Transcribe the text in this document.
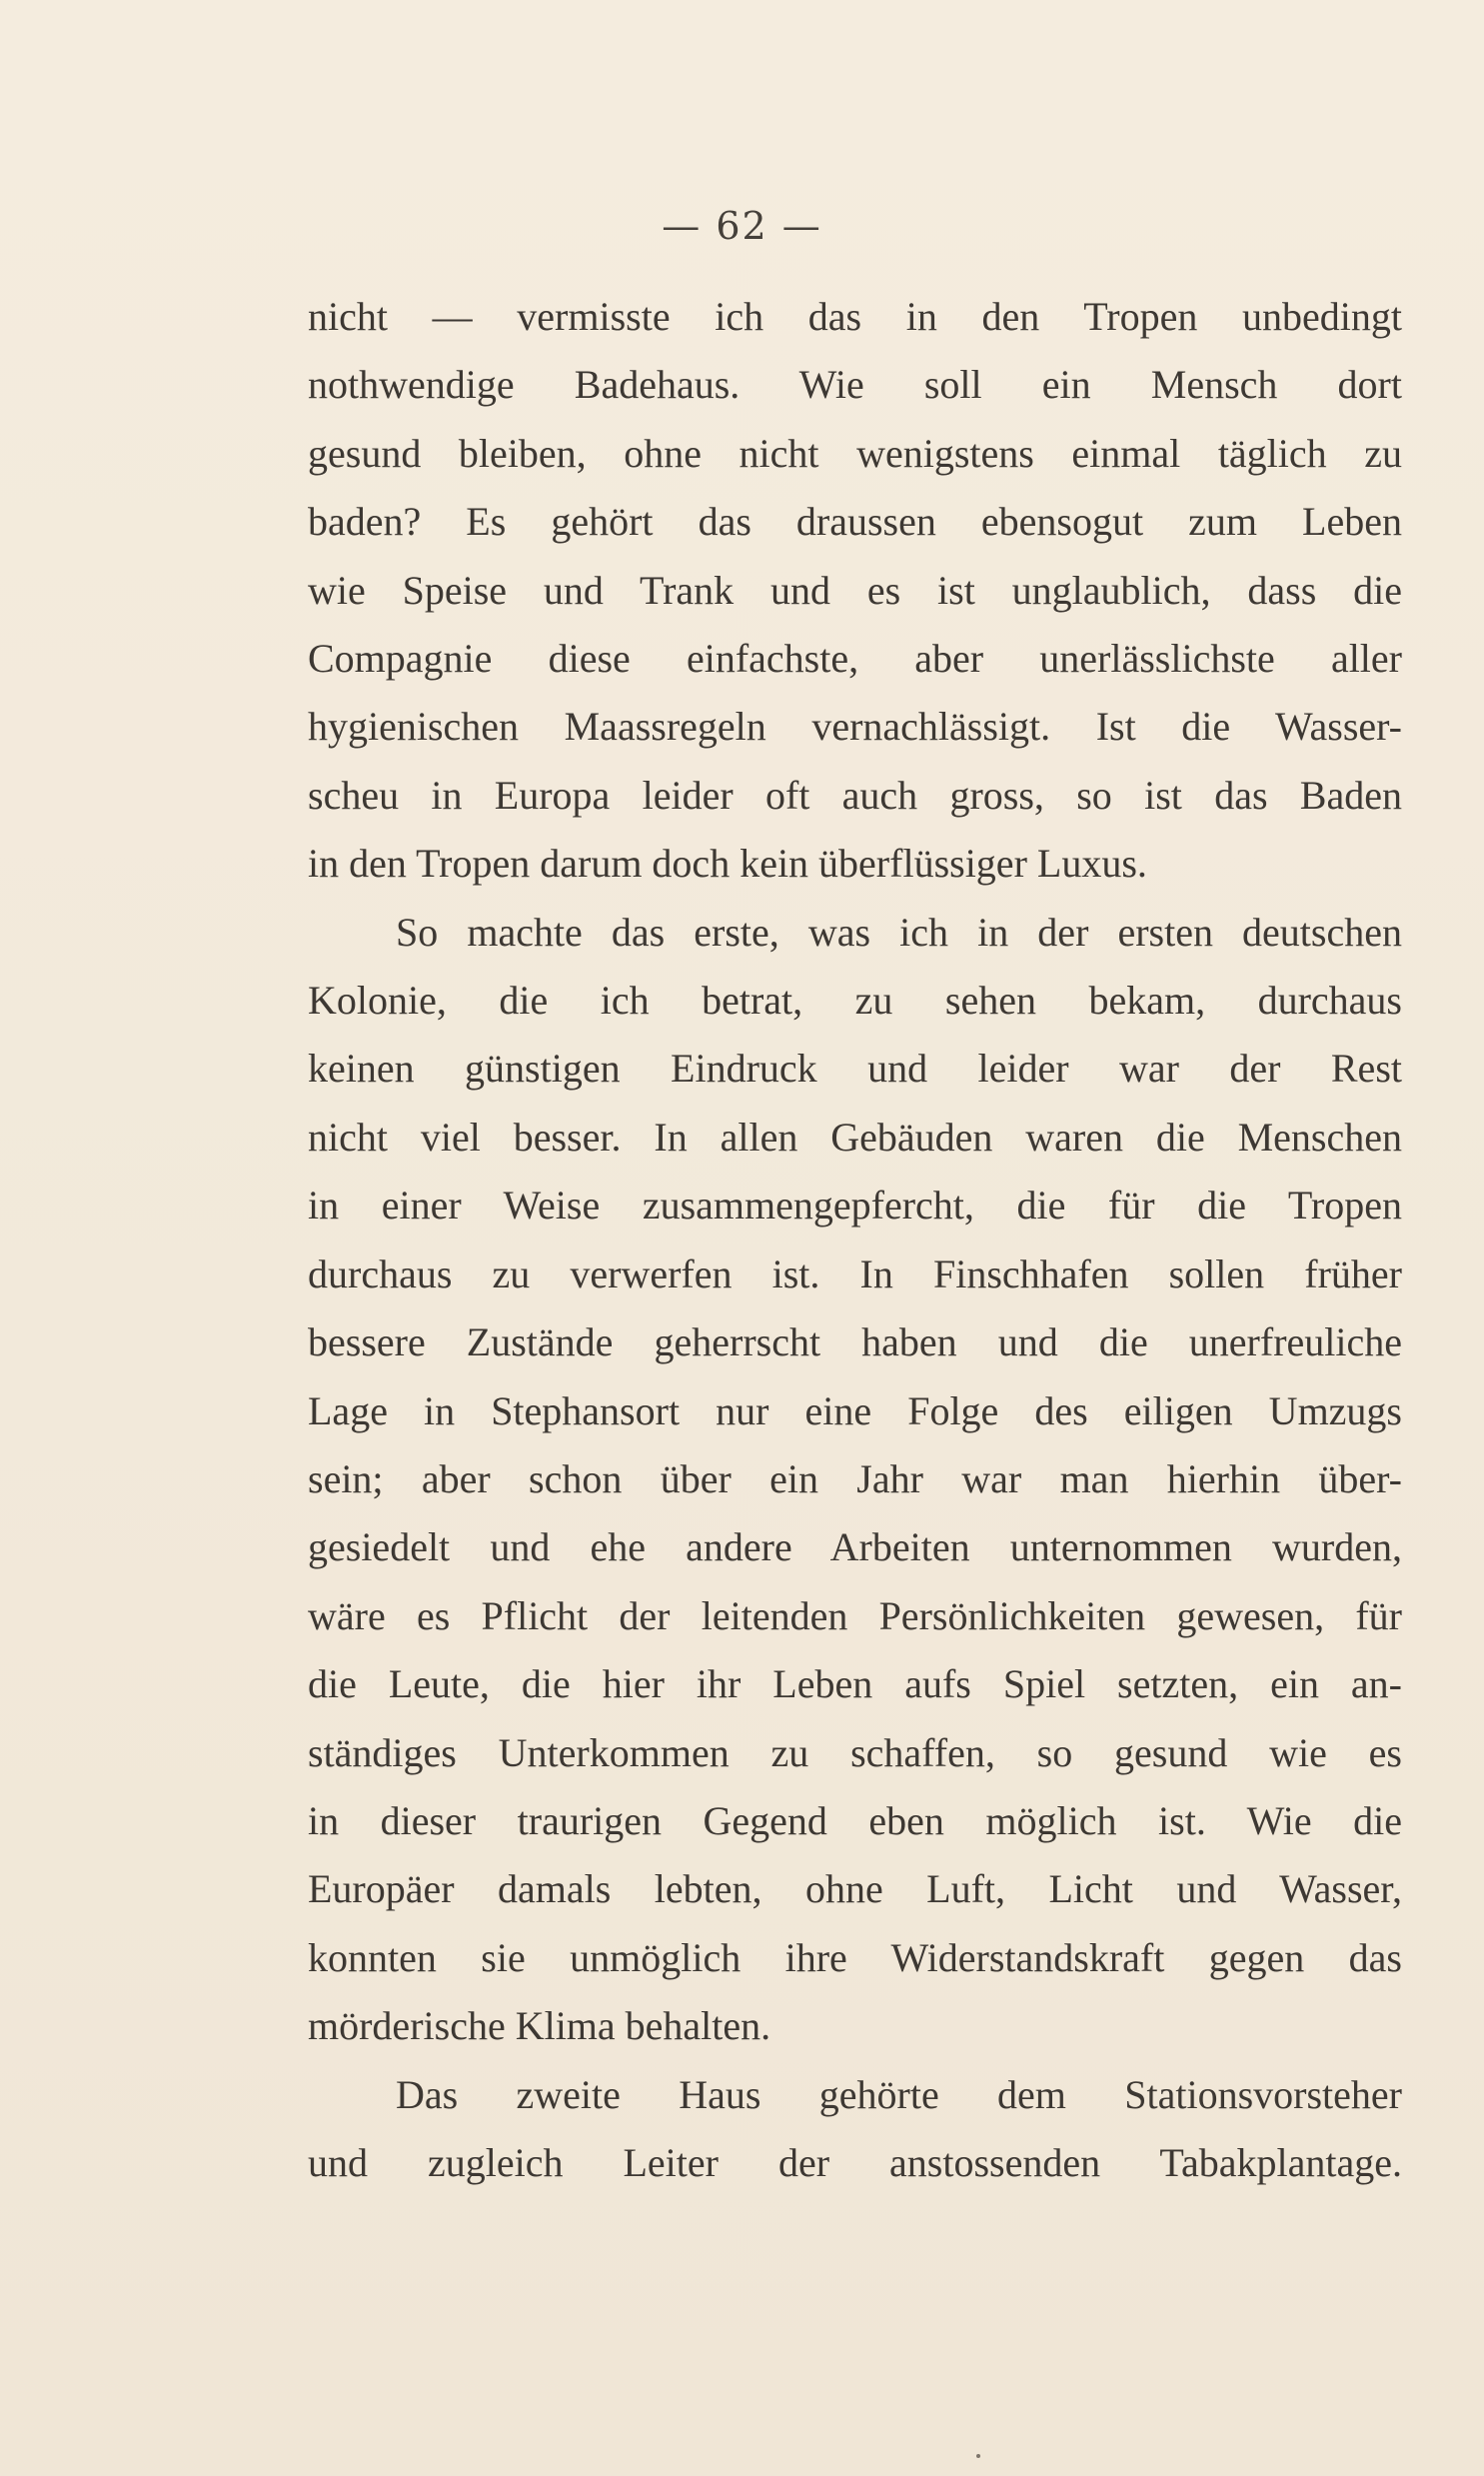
— 62 —

nicht — vermisste ich das in den Tropen unbedingt
nothwendige Badehaus. Wie soll ein Mensch dort
gesund bleiben, ohne nicht wenigstens einmal täglich zu
baden? Es gehört das draussen ebensogut zum Leben
wie Speise und Trank und es ist unglaublich, dass die
Compagnie diese einfachste, aber unerlässlichste aller
hygienischen Maassregeln vernachlässigt. Ist die Wasser-
scheu in Europa leider oft auch gross, so ist das Baden
in den Tropen darum doch kein überflüssiger Luxus.

So machte das erste, was ich in der ersten deutschen
Kolonie, die ich betrat, zu sehen bekam, durchaus
keinen günstigen Eindruck und leider war der Rest
nicht viel besser. In allen Gebäuden waren die Menschen
in einer Weise zusammengepfercht, die für die Tropen
durchaus zu verwerfen ist. In Finschhafen sollen früher
bessere Zustände geherrscht haben und die unerfreuliche
Lage in Stephansort nur eine Folge des eiligen Umzugs
sein; aber schon über ein Jahr war man hierhin über-
gesiedelt und ehe andere Arbeiten unternommen wurden,
wäre es Pflicht der leitenden Persönlichkeiten gewesen, für
die Leute, die hier ihr Leben aufs Spiel setzten, ein an-
ständiges Unterkommen zu schaffen, so gesund wie es
in dieser traurigen Gegend eben möglich ist. Wie die
Europäer damals lebten, ohne Luft, Licht und Wasser,
konnten sie unmöglich ihre Widerstandskraft gegen das
mörderische Klima behalten.

Das zweite Haus gehörte dem Stationsvorsteher
und zugleich Leiter der anstossenden Tabakplantage.
